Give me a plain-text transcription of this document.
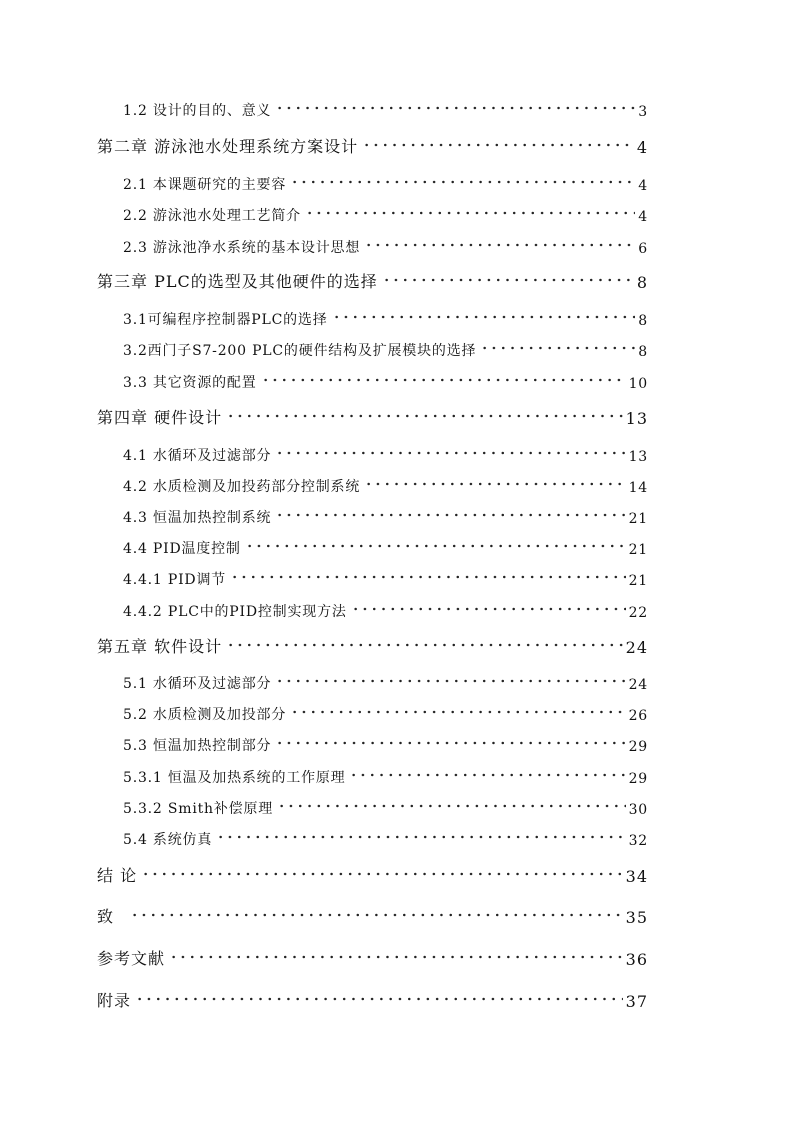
1.2 设计的目的、意义	3
第二章 游泳池水处理系统方案设计	4
2.1 本课题研究的主要容	4
2.2 游泳池水处理工艺简介	4
2.3 游泳池净水系统的基本设计思想	6
第三章 PLC的选型及其他硬件的选择	8
3.1可编程序控制器PLC的选择	8
3.2西门子S7-200 PLC的硬件结构及扩展模块的选择	8
3.3 其它资源的配置	10
第四章 硬件设计	13
4.1 水循环及过滤部分	13
4.2 水质检测及加投药部分控制系统	14
4.3 恒温加热控制系统	21
4.4 PID温度控制	21
4.4.1 PID调节	21
4.4.2 PLC中的PID控制实现方法	22
第五章 软件设计	24
5.1 水循环及过滤部分	24
5.2 水质检测及加投部分	26
5.3 恒温加热控制部分	29
5.3.1 恒温及加热系统的工作原理	29
5.3.2 Smith补偿原理	30
5.4 系统仿真	32
结 论	34
致	35
参考文献	36
附录	37
